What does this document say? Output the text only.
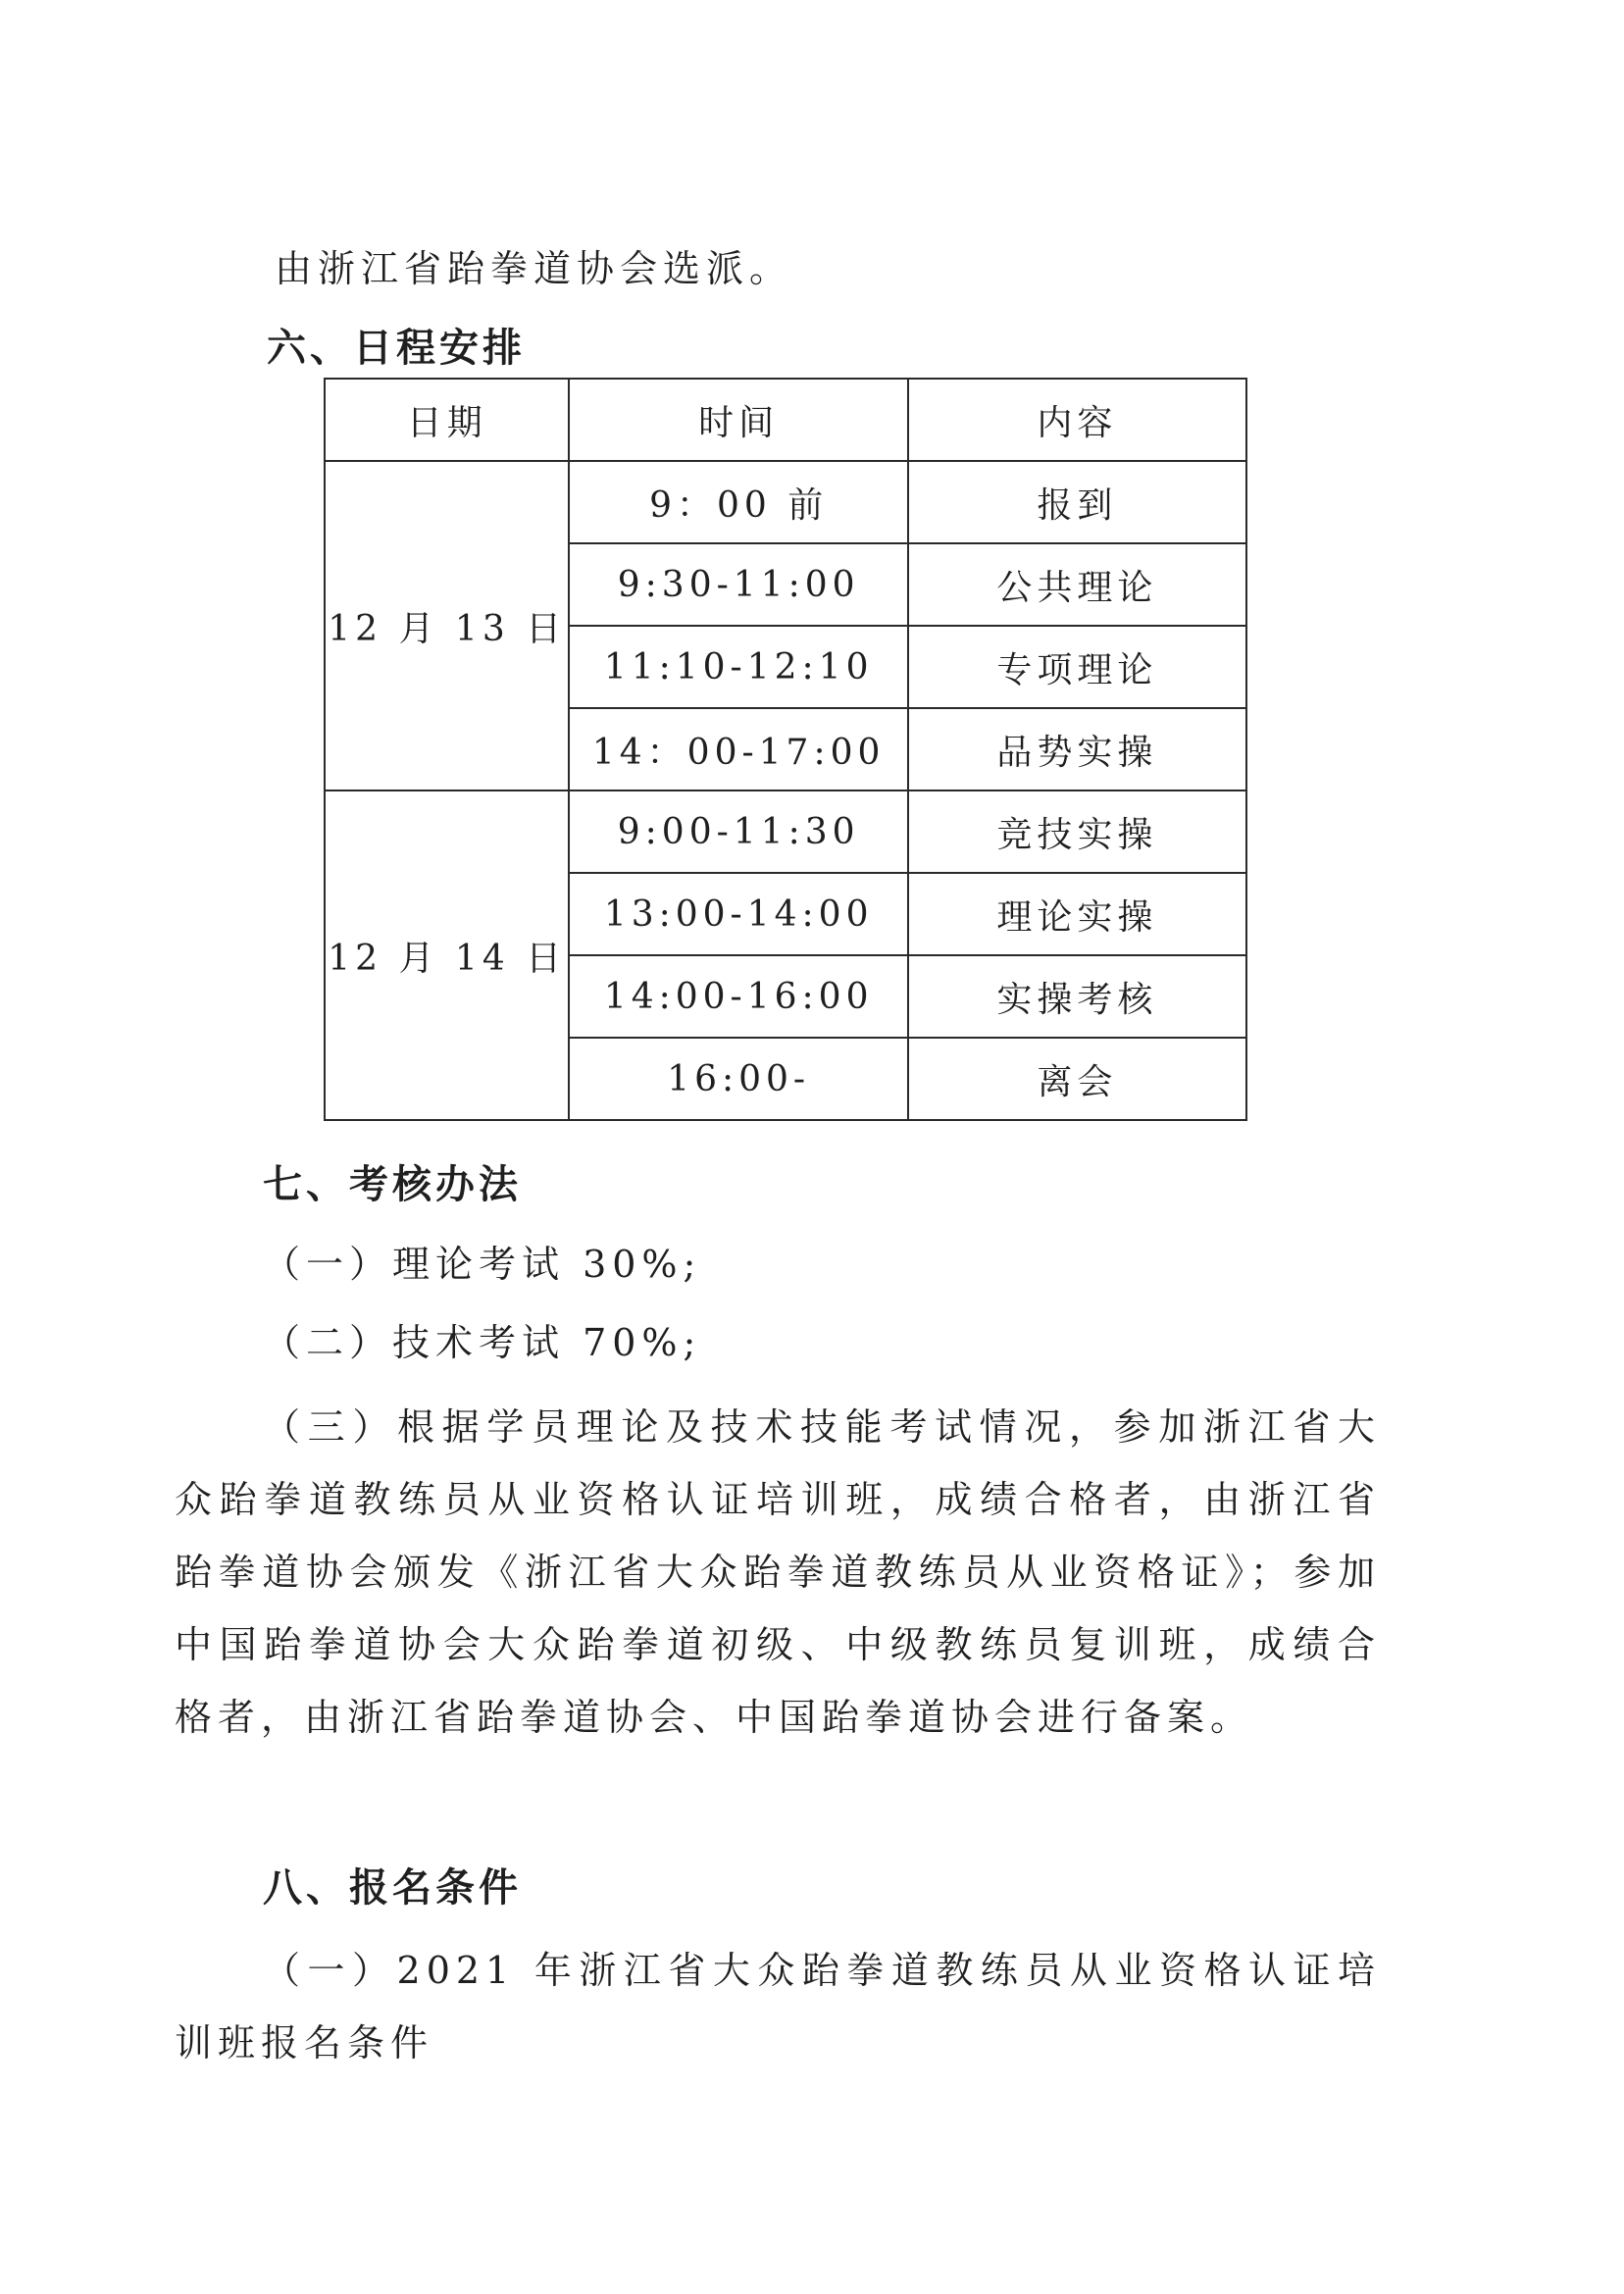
由浙江省跆拳道协会选派。
六、日程安排
日期	时间	内容
12 月 13 日	9：00 前	报到
	9:30-11:00	公共理论
	11:10-12:10	专项理论
	14：00-17:00	品势实操
12 月 14 日	9:00-11:30	竞技实操
	13:00-14:00	理论实操
	14:00-16:00	实操考核
	16:00-	离会
七、考核办法
（一）理论考试 30%;
（二）技术考试 70%;
（三）根据学员理论及技术技能考试情况，参加浙江省大众跆拳道教练员从业资格认证培训班，成绩合格者，由浙江省跆拳道协会颁发《浙江省大众跆拳道教练员从业资格证》；参加中国跆拳道协会大众跆拳道初级、中级教练员复训班，成绩合格者，由浙江省跆拳道协会、中国跆拳道协会进行备案。
八、报名条件
（一）2021 年浙江省大众跆拳道教练员从业资格认证培训班报名条件
